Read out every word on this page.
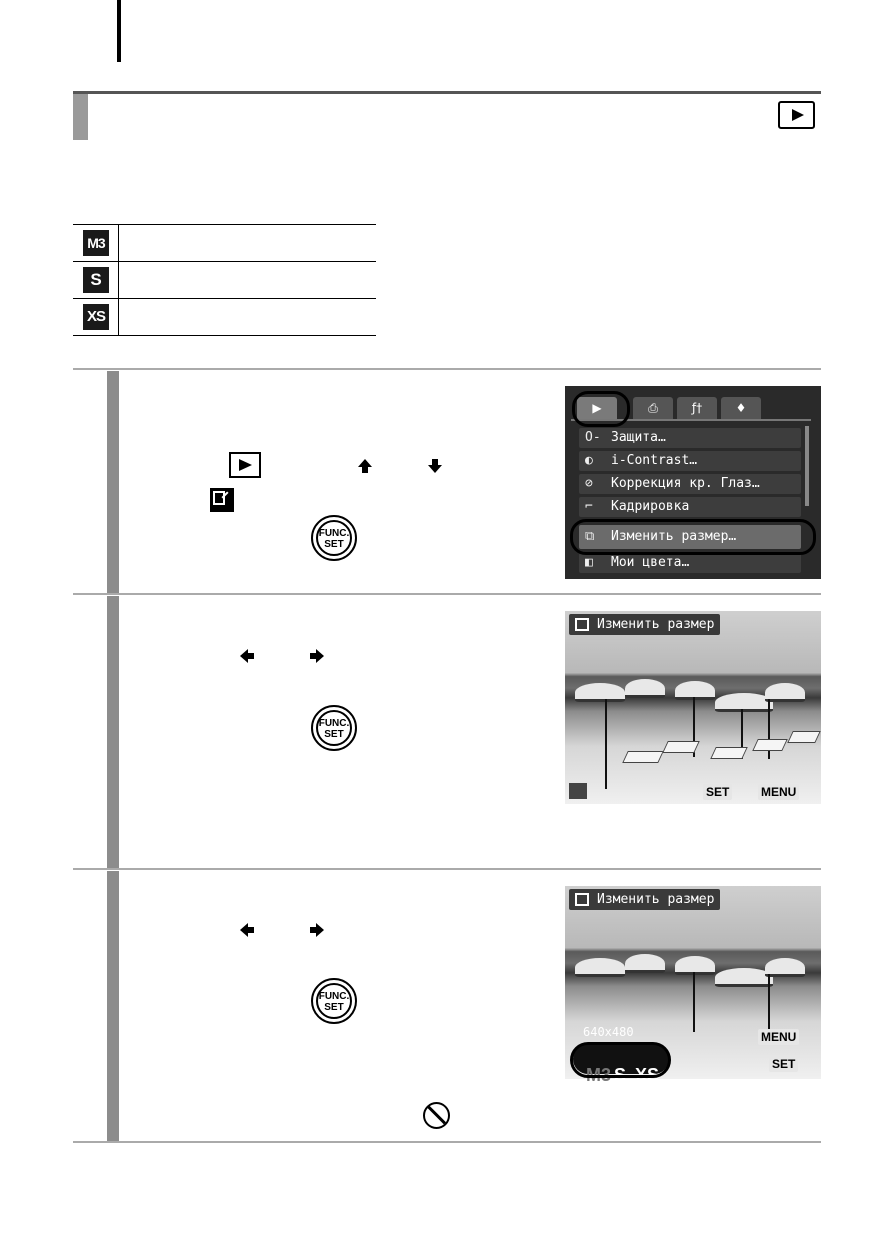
M3
S
XS
FUNC.
SET
▶	⎙	ƒ†	♦
O‑ Защита…
◐ i-Contrast…
⊘ Коррекция кр. Глаз…
⌐ Кадрировка
⧉ Изменить размер…
◧ Мои цвета…
FUNC.
SET
Изменить размер
SET	MENU
FUNC.
SET
Изменить размер
640x480	MENU
SET
M3 S XS
